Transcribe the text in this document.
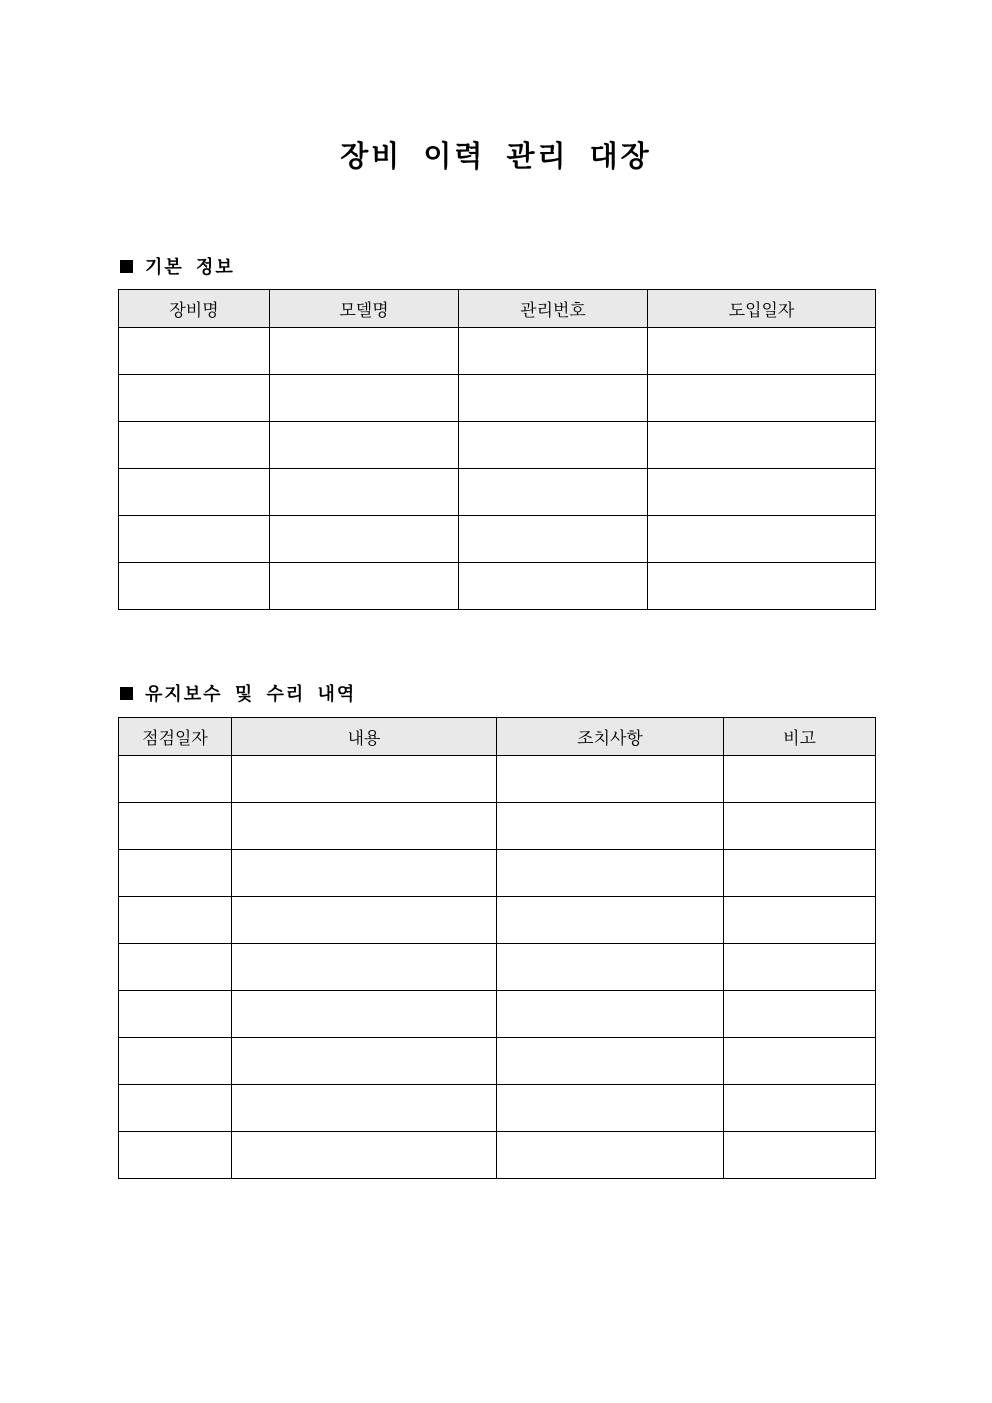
장비 이력 관리 대장
기본 정보
장비명	모델명	관리번호	도입일자

유지보수 및 수리 내역
점검일자	내용	조치사항	비고
